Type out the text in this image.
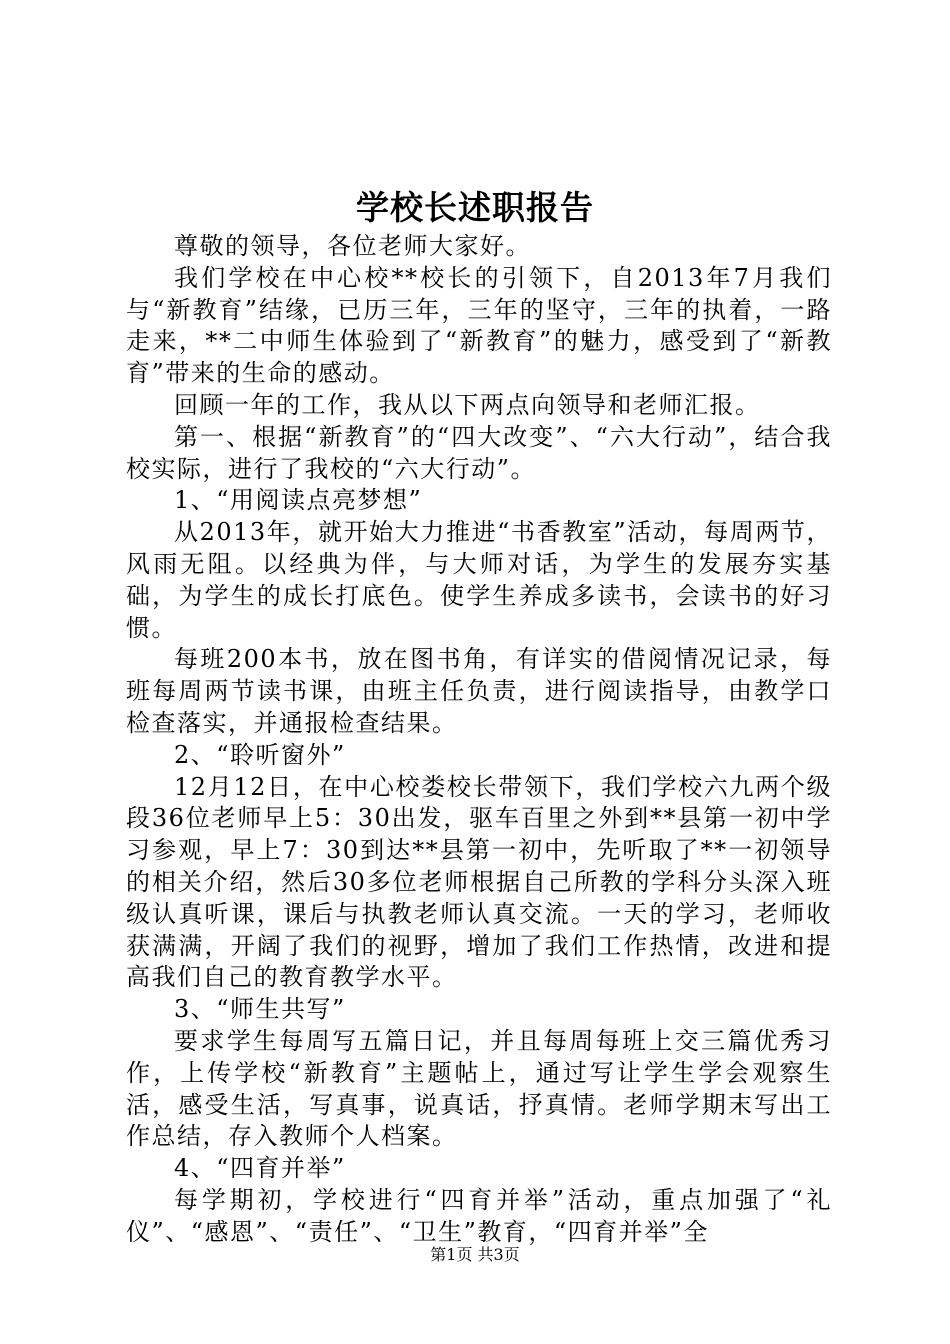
学校长述职报告

尊敬的领导，各位老师大家好。

我们学校在中心校**校长的引领下，自2013年7月我们与“新教育”结缘，已历三年，三年的坚守，三年的执着，一路走来，**二中师生体验到了“新教育”的魅力，感受到了“新教育”带来的生命的感动。

回顾一年的工作，我从以下两点向领导和老师汇报。

第一、根据“新教育”的“四大改变”、“六大行动”，结合我校实际，进行了我校的“六大行动”。

1、“用阅读点亮梦想”

从2013年，就开始大力推进“书香教室”活动，每周两节，风雨无阻。以经典为伴，与大师对话，为学生的发展夯实基础，为学生的成长打底色。使学生养成多读书，会读书的好习惯。

每班200本书，放在图书角，有详实的借阅情况记录，每班每周两节读书课，由班主任负责，进行阅读指导，由教学口检查落实，并通报检查结果。

2、“聆听窗外”

12月12日，在中心校娄校长带领下，我们学校六九两个级段36位老师早上5：30出发，驱车百里之外到**县第一初中学习参观，早上7：30到达**县第一初中，先听取了**一初领导的相关介绍，然后30多位老师根据自己所教的学科分头深入班级认真听课，课后与执教老师认真交流。一天的学习，老师收获满满，开阔了我们的视野，增加了我们工作热情，改进和提高我们自己的教育教学水平。

3、“师生共写”

要求学生每周写五篇日记，并且每周每班上交三篇优秀习作，上传学校“新教育”主题帖上，通过写让学生学会观察生活，感受生活，写真事，说真话，抒真情。老师学期末写出工作总结，存入教师个人档案。

4、“四育并举”

每学期初，学校进行“四育并举”活动，重点加强了“礼仪”、“感恩”、“责任”、“卫生”教育，“四育并举”全

第1页 共3页
